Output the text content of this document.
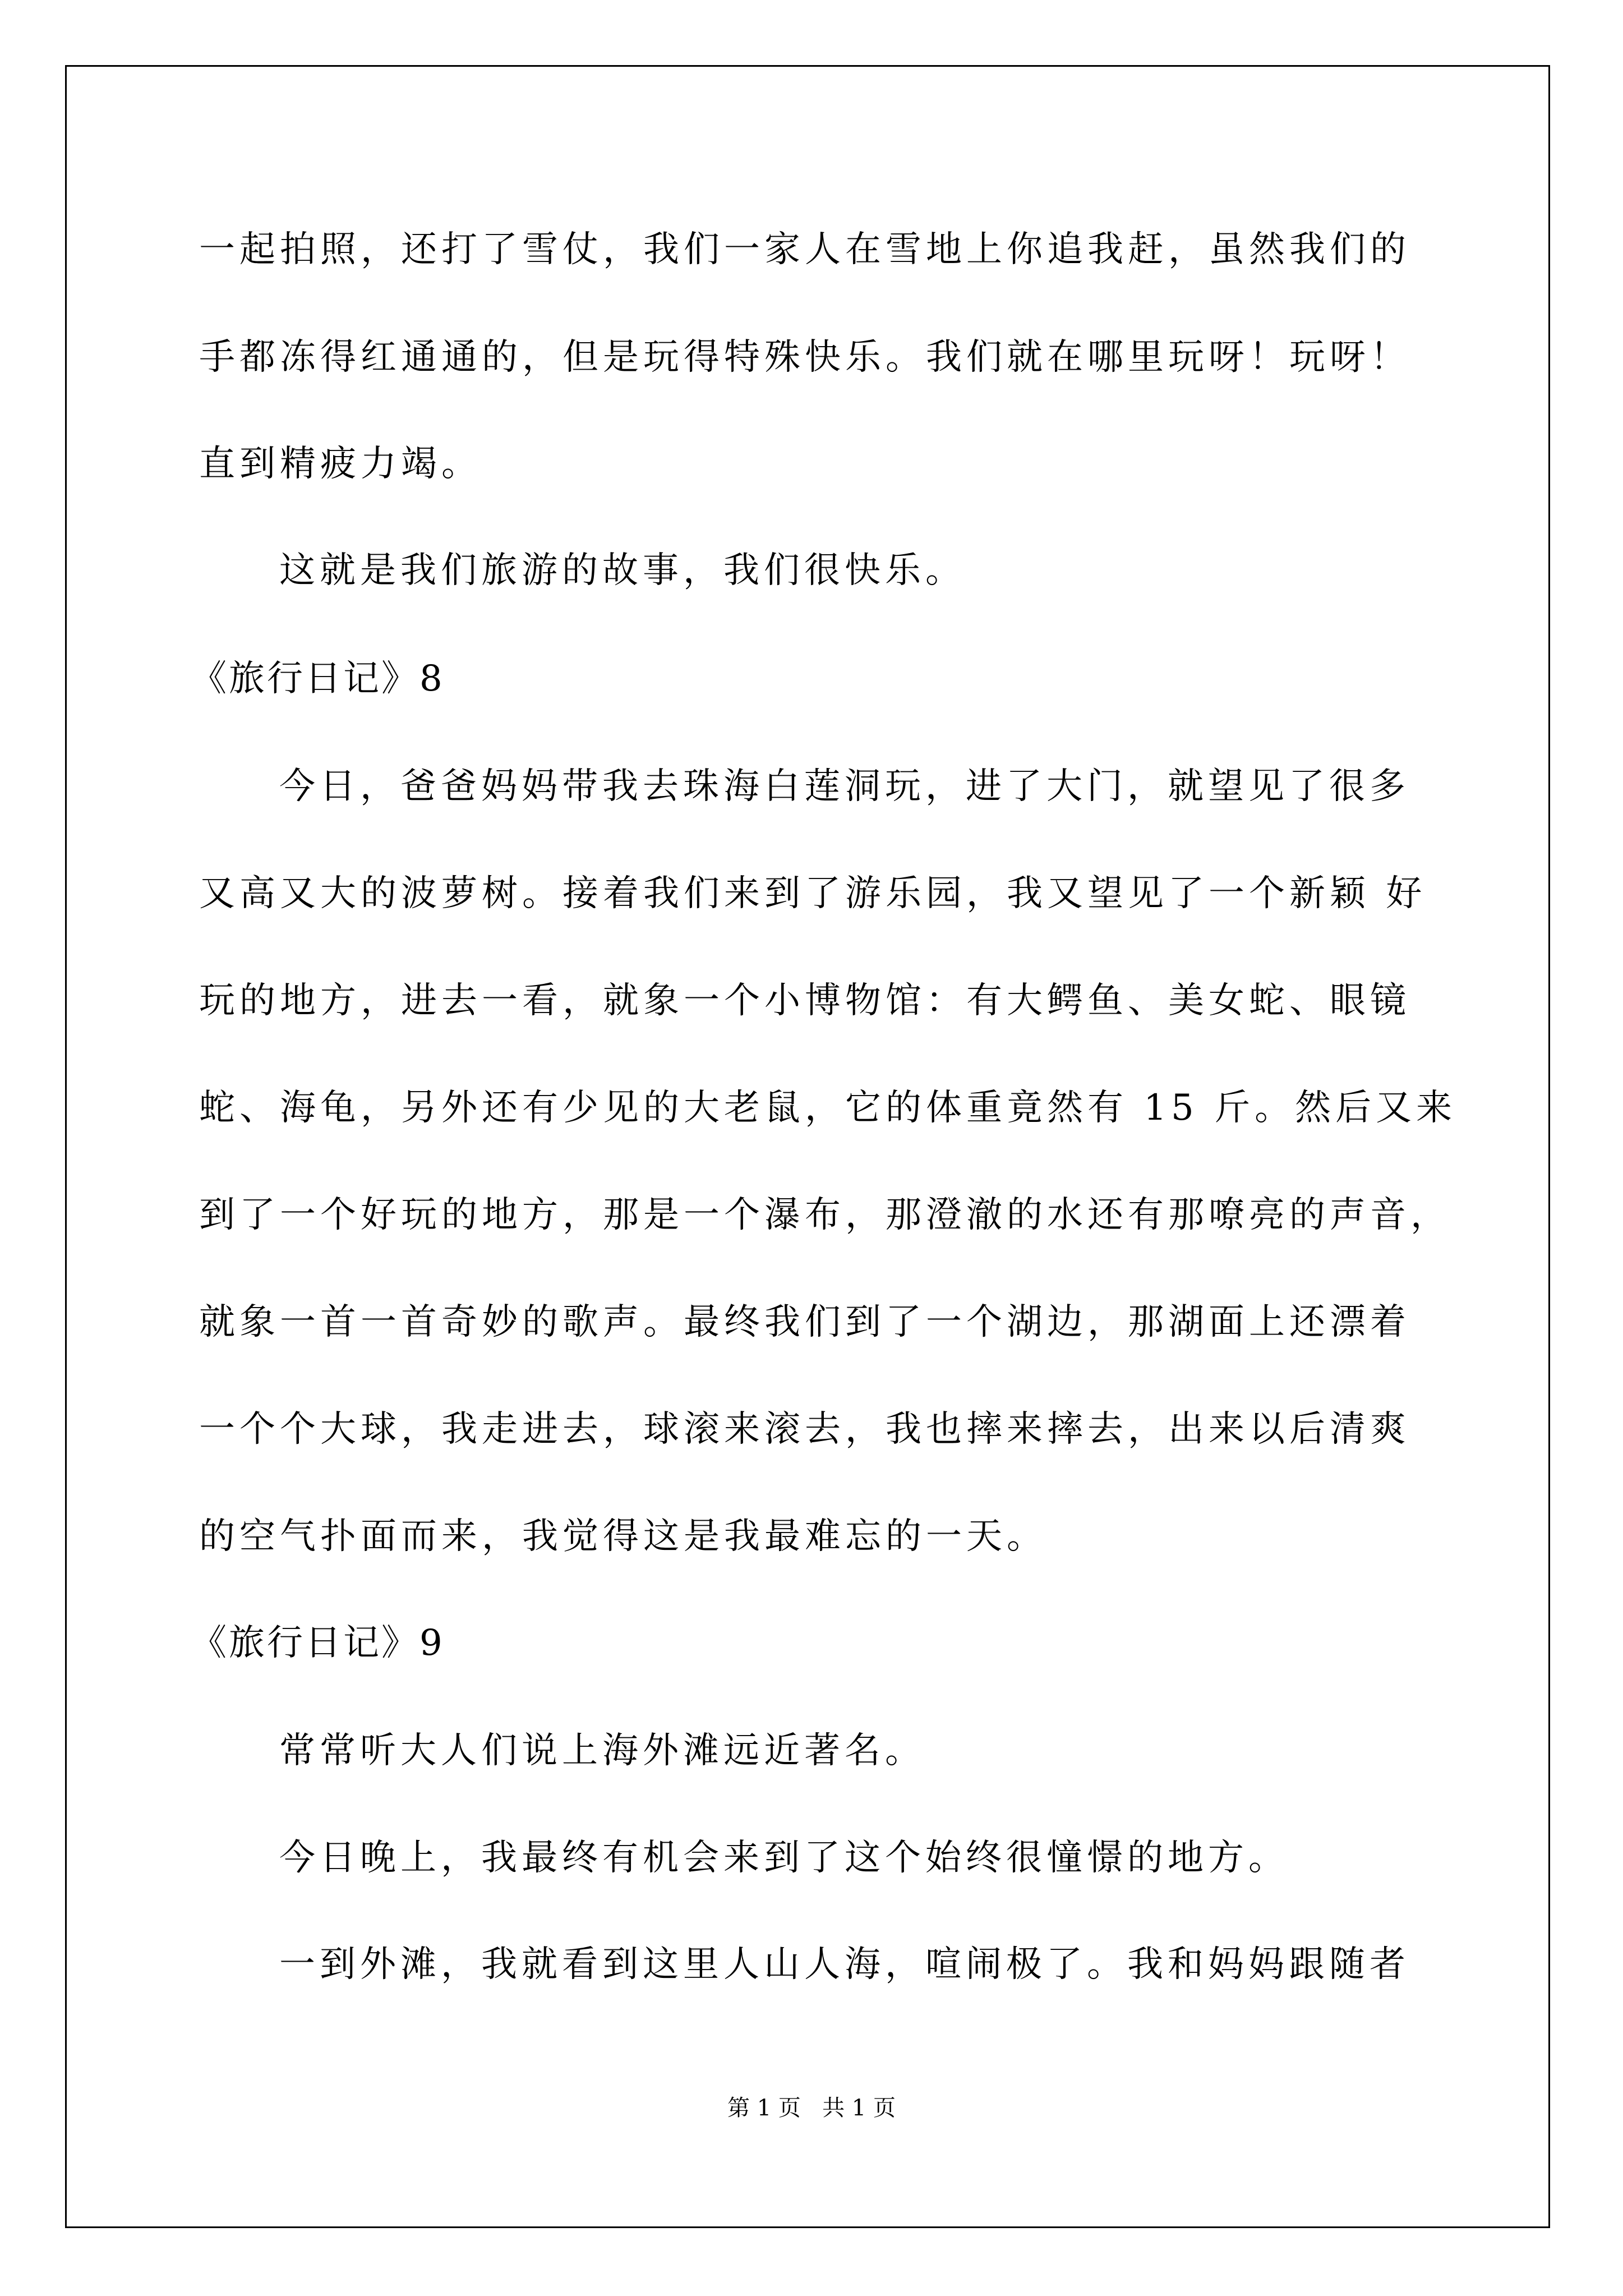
一起拍照，还打了雪仗，我们一家人在雪地上你追我赶，虽然我们的
手都冻得红通通的，但是玩得特殊快乐。我们就在哪里玩呀！玩呀！
直到精疲力竭。
这就是我们旅游的故事，我们很快乐。
《旅行日记》8
今日，爸爸妈妈带我去珠海白莲洞玩，进了大门，就望见了很多
又高又大的波萝树。接着我们来到了游乐园，我又望见了一个新颖 好
玩的地方，进去一看，就象一个小博物馆：有大鳄鱼、美女蛇、眼镜
蛇、海龟，另外还有少见的大老鼠，它的体重竟然有 15 斤。然后又来
到了一个好玩的地方，那是一个瀑布，那澄澈的水还有那嘹亮的声音，
就象一首一首奇妙的歌声。最终我们到了一个湖边，那湖面上还漂着
一个个大球，我走进去，球滚来滚去，我也摔来摔去，出来以后清爽
的空气扑面而来，我觉得这是我最难忘的一天。
《旅行日记》9
常常听大人们说上海外滩远近著名。
今日晚上，我最终有机会来到了这个始终很憧憬的地方。
一到外滩，我就看到这里人山人海，喧闹极了。我和妈妈跟随者
第 1 页   共 1 页
